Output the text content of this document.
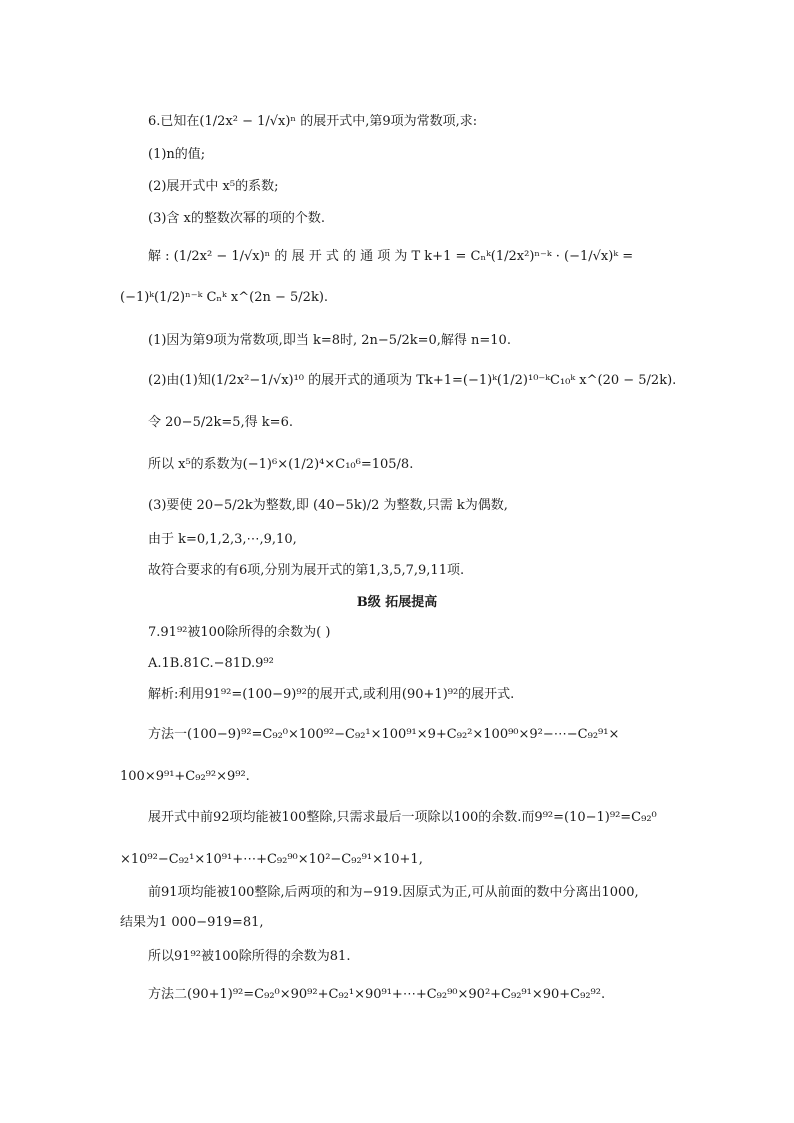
6.已知在(1/2x² − 1/√x)ⁿ 的展开式中,第9项为常数项,求:
(1)n的值;
(2)展开式中 x⁵的系数;
(3)含 x的整数次幂的项的个数.
解 : (1/2x² − 1/√x)ⁿ 的 展 开 式 的 通 项 为 T k+1 = Cₙᵏ(1/2x²)ⁿ⁻ᵏ · (−1/√x)ᵏ =
(−1)ᵏ(1/2)ⁿ⁻ᵏ Cₙᵏ x^(2n − 5/2k).
(1)因为第9项为常数项,即当 k=8时, 2n−5/2k=0,解得 n=10.
(2)由(1)知(1/2x²−1/√x)¹⁰ 的展开式的通项为 Tk+1=(−1)ᵏ(1/2)¹⁰⁻ᵏC₁₀ᵏ x^(20 − 5/2k).
令 20−5/2k=5,得 k=6.
所以 x⁵的系数为(−1)⁶×(1/2)⁴×C₁₀⁶=105/8.
(3)要使 20−5/2k为整数,即 (40−5k)/2 为整数,只需 k为偶数,
由于 k=0,1,2,3,⋯,9,10,
故符合要求的有6项,分别为展开式的第1,3,5,7,9,11项.
B级 拓展提高
7.91⁹²被100除所得的余数为( )
A.1B.81C.−81D.9⁹²
解析:利用91⁹²=(100−9)⁹²的展开式,或利用(90+1)⁹²的展开式.
方法一(100−9)⁹²=C₉₂⁰×100⁹²−C₉₂¹×100⁹¹×9+C₉₂²×100⁹⁰×9²−⋯−C₉₂⁹¹×
100×9⁹¹+C₉₂⁹²×9⁹².
展开式中前92项均能被100整除,只需求最后一项除以100的余数.而9⁹²=(10−1)⁹²=C₉₂⁰
×10⁹²−C₉₂¹×10⁹¹+⋯+C₉₂⁹⁰×10²−C₉₂⁹¹×10+1,
前91项均能被100整除,后两项的和为−919.因原式为正,可从前面的数中分离出1000,
结果为1 000−919=81,
所以91⁹²被100除所得的余数为81.
方法二(90+1)⁹²=C₉₂⁰×90⁹²+C₉₂¹×90⁹¹+⋯+C₉₂⁹⁰×90²+C₉₂⁹¹×90+C₉₂⁹².
